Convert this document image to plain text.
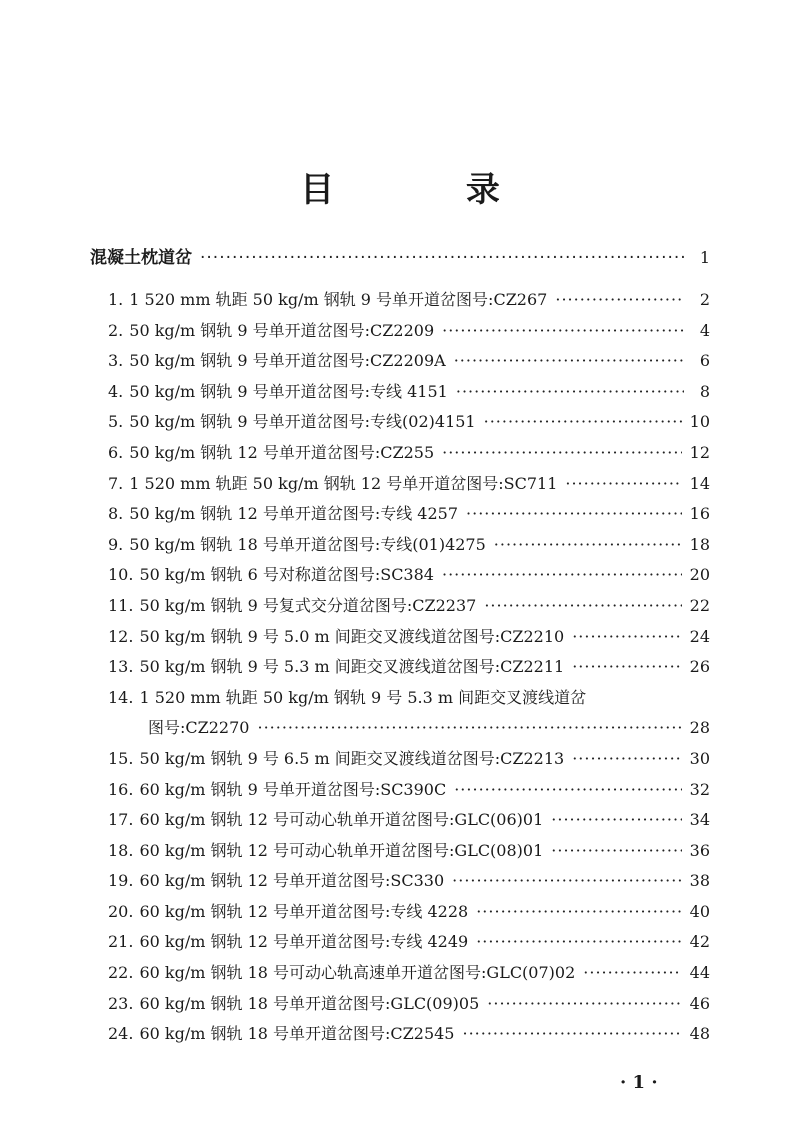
目 录
混凝土枕道岔 ·····	1
1. 1 520 mm 轨距 50 kg/m 钢轨 9 号单开道岔图号:CZ267 ·····	2
2. 50 kg/m 钢轨 9 号单开道岔图号:CZ2209 ·····	4
3. 50 kg/m 钢轨 9 号单开道岔图号:CZ2209A ·····	6
4. 50 kg/m 钢轨 9 号单开道岔图号:专线 4151 ·····	8
5. 50 kg/m 钢轨 9 号单开道岔图号:专线(02)4151 ·····	10
6. 50 kg/m 钢轨 12 号单开道岔图号:CZ255 ·····	12
7. 1 520 mm 轨距 50 kg/m 钢轨 12 号单开道岔图号:SC711 ·····	14
8. 50 kg/m 钢轨 12 号单开道岔图号:专线 4257 ·····	16
9. 50 kg/m 钢轨 18 号单开道岔图号:专线(01)4275 ·····	18
10. 50 kg/m 钢轨 6 号对称道岔图号:SC384 ·····	20
11. 50 kg/m 钢轨 9 号复式交分道岔图号:CZ2237 ·····	22
12. 50 kg/m 钢轨 9 号 5.0 m 间距交叉渡线道岔图号:CZ2210 ·····	24
13. 50 kg/m 钢轨 9 号 5.3 m 间距交叉渡线道岔图号:CZ2211 ·····	26
14. 1 520 mm 轨距 50 kg/m 钢轨 9 号 5.3 m 间距交叉渡线道岔
图号:CZ2270 ·····	28
15. 50 kg/m 钢轨 9 号 6.5 m 间距交叉渡线道岔图号:CZ2213 ·····	30
16. 60 kg/m 钢轨 9 号单开道岔图号:SC390C ·····	32
17. 60 kg/m 钢轨 12 号可动心轨单开道岔图号:GLC(06)01 ·····	34
18. 60 kg/m 钢轨 12 号可动心轨单开道岔图号:GLC(08)01 ·····	36
19. 60 kg/m 钢轨 12 号单开道岔图号:SC330 ·····	38
20. 60 kg/m 钢轨 12 号单开道岔图号:专线 4228 ·····	40
21. 60 kg/m 钢轨 12 号单开道岔图号:专线 4249 ·····	42
22. 60 kg/m 钢轨 18 号可动心轨高速单开道岔图号:GLC(07)02 ·····	44
23. 60 kg/m 钢轨 18 号单开道岔图号:GLC(09)05 ·····	46
24. 60 kg/m 钢轨 18 号单开道岔图号:CZ2545 ·····	48
· 1 ·
